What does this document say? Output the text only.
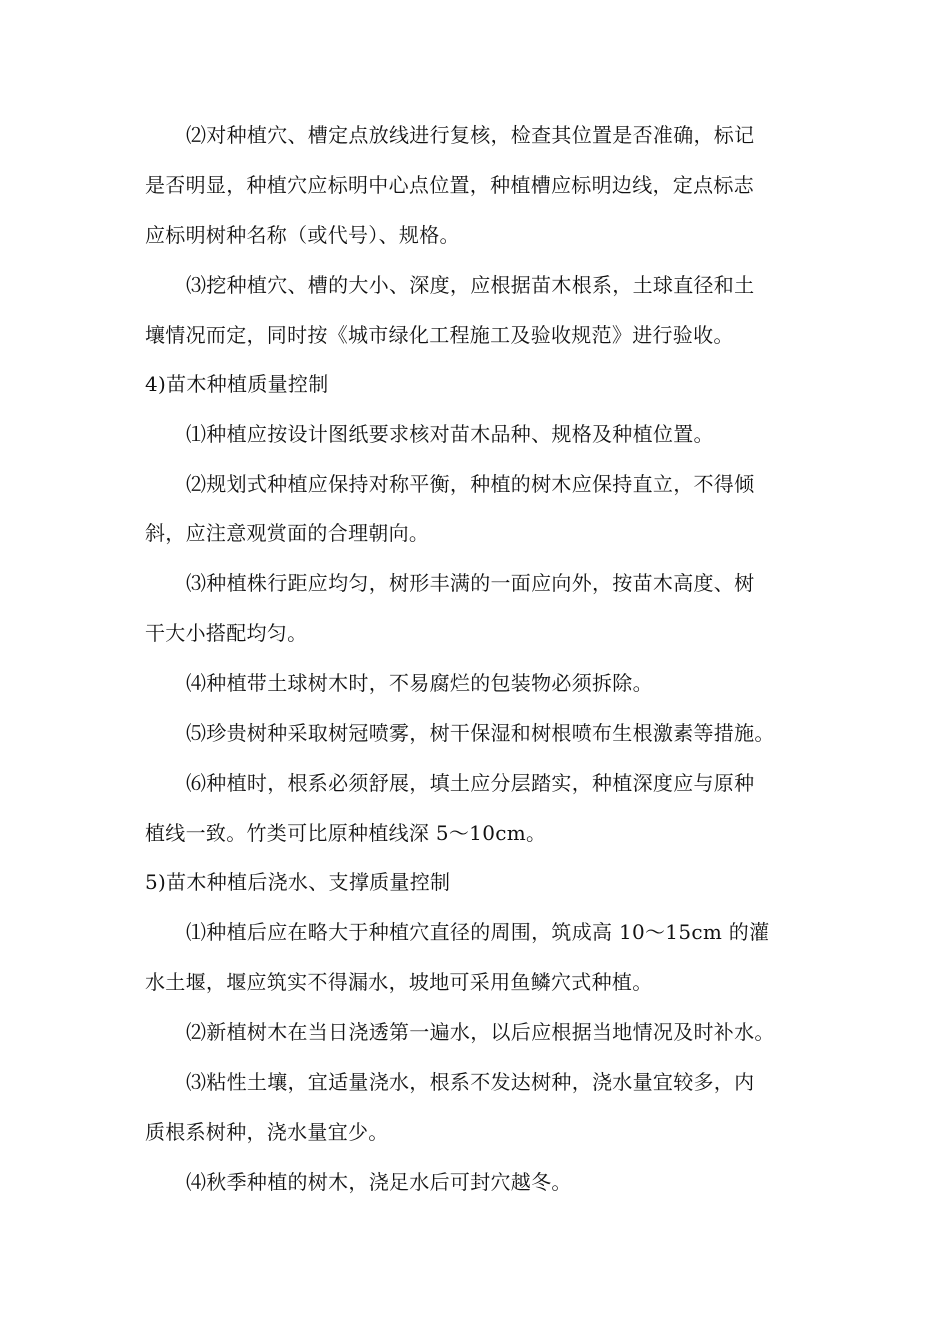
⑵对种植穴、槽定点放线进行复核，检查其位置是否准确，标记
是否明显，种植穴应标明中心点位置，种植槽应标明边线，定点标志
应标明树种名称（或代号）、规格。
⑶挖种植穴、槽的大小、深度，应根据苗木根系，土球直径和土
壤情况而定，同时按《城市绿化工程施工及验收规范》进行验收。
4)苗木种植质量控制
⑴种植应按设计图纸要求核对苗木品种、规格及种植位置。
⑵规划式种植应保持对称平衡，种植的树木应保持直立，不得倾
斜，应注意观赏面的合理朝向。
⑶种植株行距应均匀，树形丰满的一面应向外，按苗木高度、树
干大小搭配均匀。
⑷种植带土球树木时，不易腐烂的包装物必须拆除。
⑸珍贵树种采取树冠喷雾，树干保湿和树根喷布生根激素等措施。
⑹种植时，根系必须舒展，填土应分层踏实，种植深度应与原种
植线一致。竹类可比原种植线深 5～10cm。
5)苗木种植后浇水、支撑质量控制
⑴种植后应在略大于种植穴直径的周围，筑成高 10～15cm 的灌
水土堰，堰应筑实不得漏水，坡地可采用鱼鳞穴式种植。
⑵新植树木在当日浇透第一遍水，以后应根据当地情况及时补水。
⑶粘性土壤，宜适量浇水，根系不发达树种，浇水量宜较多，内
质根系树种，浇水量宜少。
⑷秋季种植的树木，浇足水后可封穴越冬。
